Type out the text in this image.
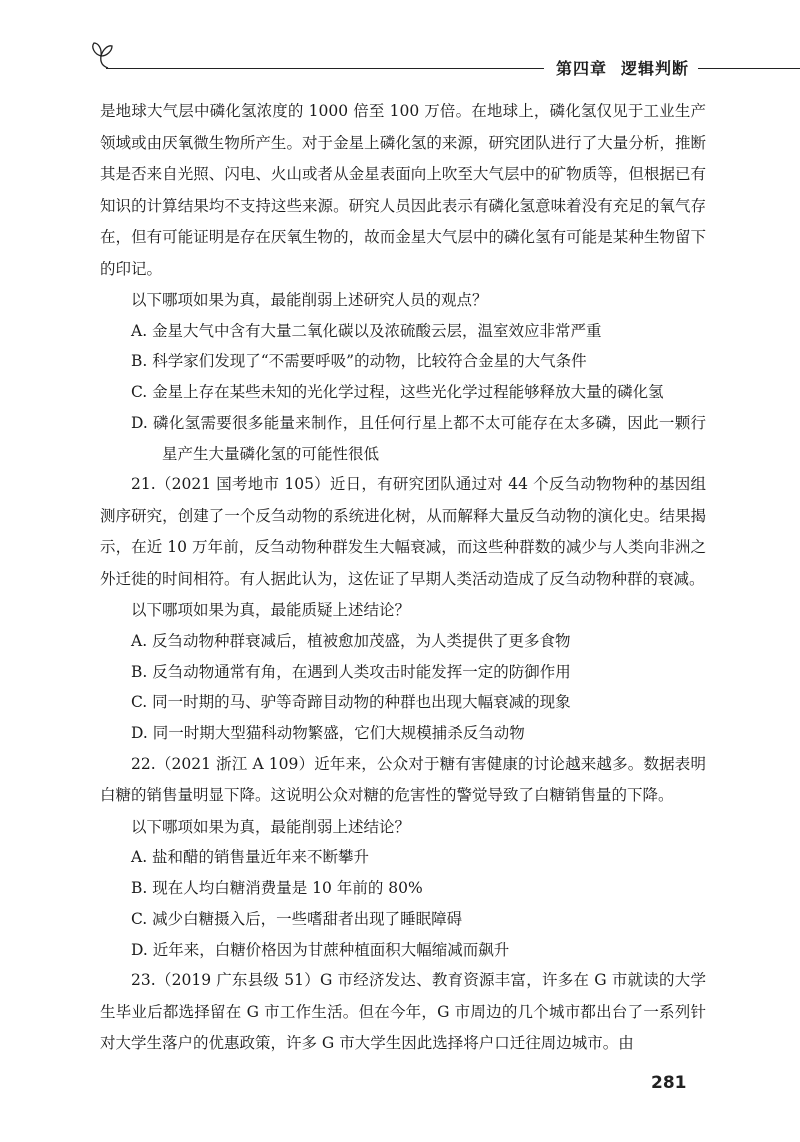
第四章 逻辑判断

是地球大气层中磷化氢浓度的 1000 倍至 100 万倍。在地球上，磷化氢仅见于工业生产领域或由厌氧微生物所产生。对于金星上磷化氢的来源，研究团队进行了大量分析，推断其是否来自光照、闪电、火山或者从金星表面向上吹至大气层中的矿物质等，但根据已有知识的计算结果均不支持这些来源。研究人员因此表示有磷化氢意味着没有充足的氧气存在，但有可能证明是存在厌氧生物的，故而金星大气层中的磷化氢有可能是某种生物留下的印记。

以下哪项如果为真，最能削弱上述研究人员的观点？

A. 金星大气中含有大量二氧化碳以及浓硫酸云层，温室效应非常严重

B. 科学家们发现了“不需要呼吸”的动物，比较符合金星的大气条件

C. 金星上存在某些未知的光化学过程，这些光化学过程能够释放大量的磷化氢

D. 磷化氢需要很多能量来制作，且任何行星上都不太可能存在太多磷，因此一颗行星产生大量磷化氢的可能性很低

21.（2021 国考地市 105）近日，有研究团队通过对 44 个反刍动物物种的基因组测序研究，创建了一个反刍动物的系统进化树，从而解释大量反刍动物的演化史。结果揭示，在近 10 万年前，反刍动物种群发生大幅衰减，而这些种群数的减少与人类向非洲之外迁徙的时间相符。有人据此认为，这佐证了早期人类活动造成了反刍动物种群的衰减。

以下哪项如果为真，最能质疑上述结论？

A. 反刍动物种群衰减后，植被愈加茂盛，为人类提供了更多食物

B. 反刍动物通常有角，在遇到人类攻击时能发挥一定的防御作用

C. 同一时期的马、驴等奇蹄目动物的种群也出现大幅衰减的现象

D. 同一时期大型猫科动物繁盛，它们大规模捕杀反刍动物

22.（2021 浙江 A 109）近年来，公众对于糖有害健康的讨论越来越多。数据表明白糖的销售量明显下降。这说明公众对糖的危害性的警觉导致了白糖销售量的下降。

以下哪项如果为真，最能削弱上述结论？

A. 盐和醋的销售量近年来不断攀升

B. 现在人均白糖消费量是 10 年前的 80%

C. 减少白糖摄入后，一些嗜甜者出现了睡眠障碍

D. 近年来，白糖价格因为甘蔗种植面积大幅缩减而飙升

23.（2019 广东县级 51）G 市经济发达、教育资源丰富，许多在 G 市就读的大学生毕业后都选择留在 G 市工作生活。但在今年，G 市周边的几个城市都出台了一系列针对大学生落户的优惠政策，许多 G 市大学生因此选择将户口迁往周边城市。由

281
